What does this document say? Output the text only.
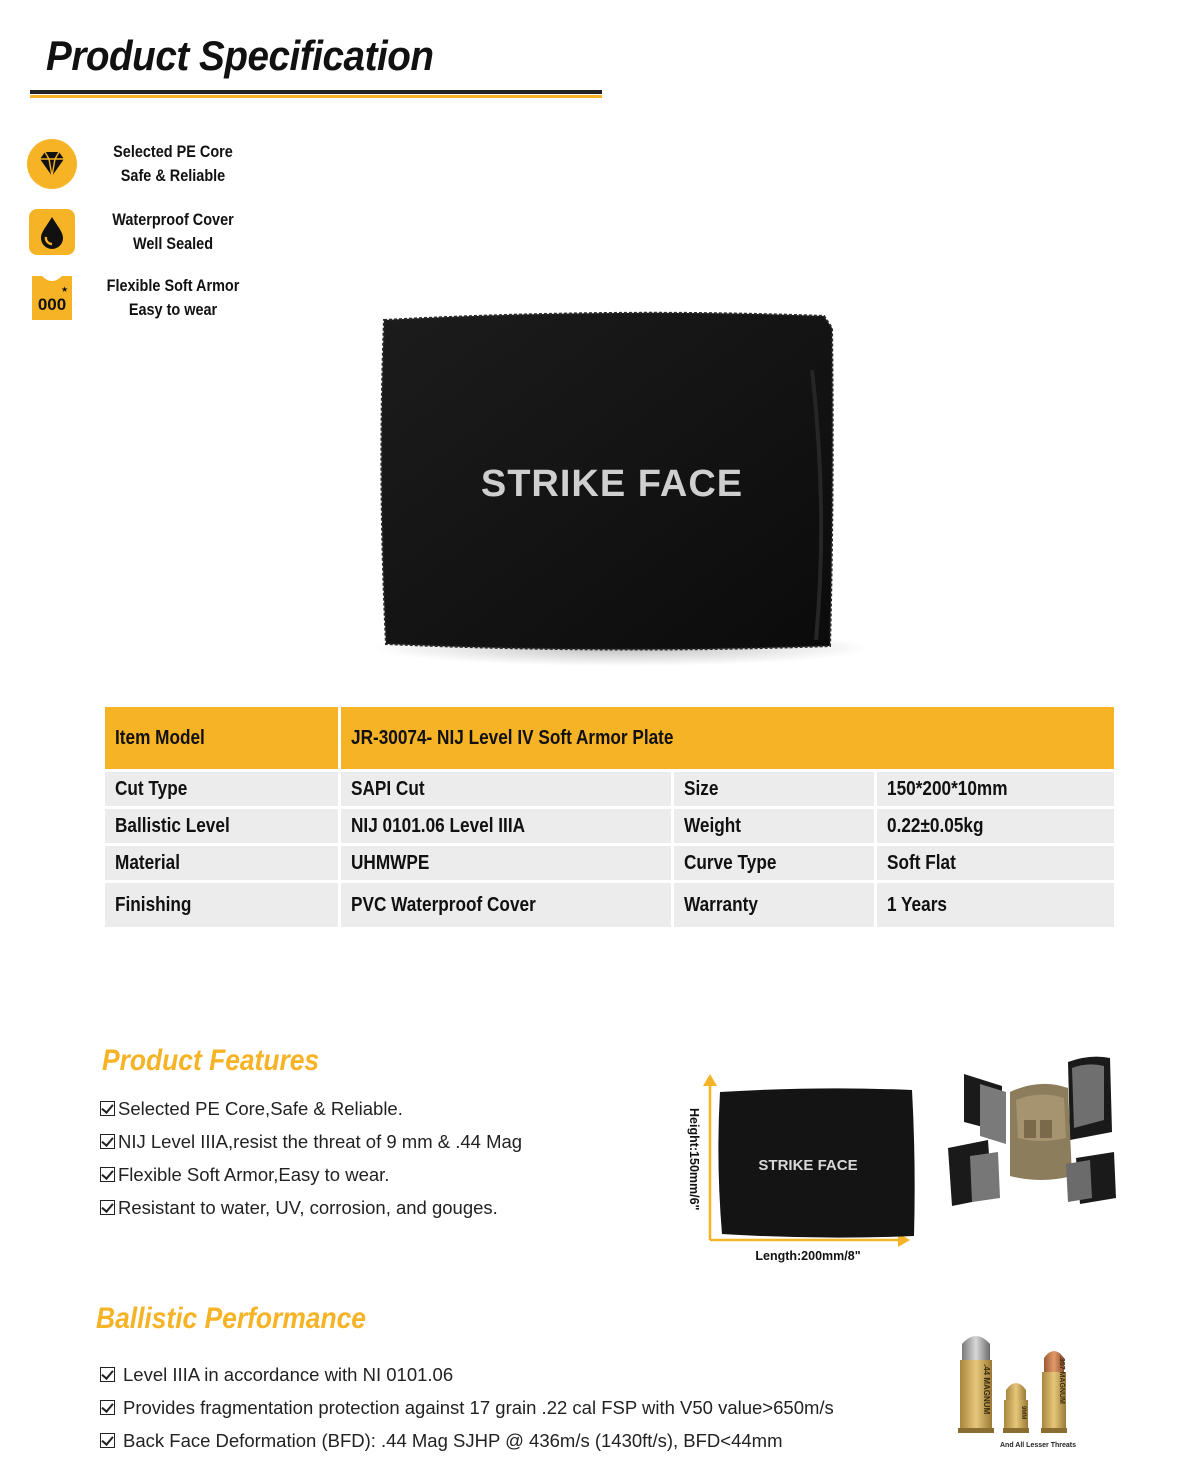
Product Specification
Selected PE Core
Safe & Reliable
Waterproof Cover
Well Sealed
000
★	Flexible Soft Armor
Easy to wear
STRIKE FACE
Item Model	JR-30074- NIJ Level IV Soft Armor Plate		
Cut Type	SAPI Cut	Size	150*200*10mm
Ballistic Level	NIJ 0101.06 Level IIIA	Weight	0.22±0.05kg
Material	UHMWPE	Curve Type	Soft Flat
Finishing	PVC Waterproof Cover	Warranty	1 Years
Product Features
Selected PE Core,Safe & Reliable.
NIJ Level IIIA,resist the threat of 9 mm & .44 Mag
Flexible Soft Armor,Easy to wear.
Resistant to water, UV, corrosion, and gouges.
STRIKE FACE
Length:200mm/8"
Height:150mm/6"
Ballistic Performance
Level IIIA in accordance with NI 0101.06
Provides fragmentation protection against 17 grain .22 cal FSP with V50 value>650m/s
Back Face Deformation (BFD): .44 Mag SJHP @ 436m/s (1430ft/s), BFD<44mm
.44 MAGNUM	9MM
.357 MAGNUM
And All Lesser Threats
